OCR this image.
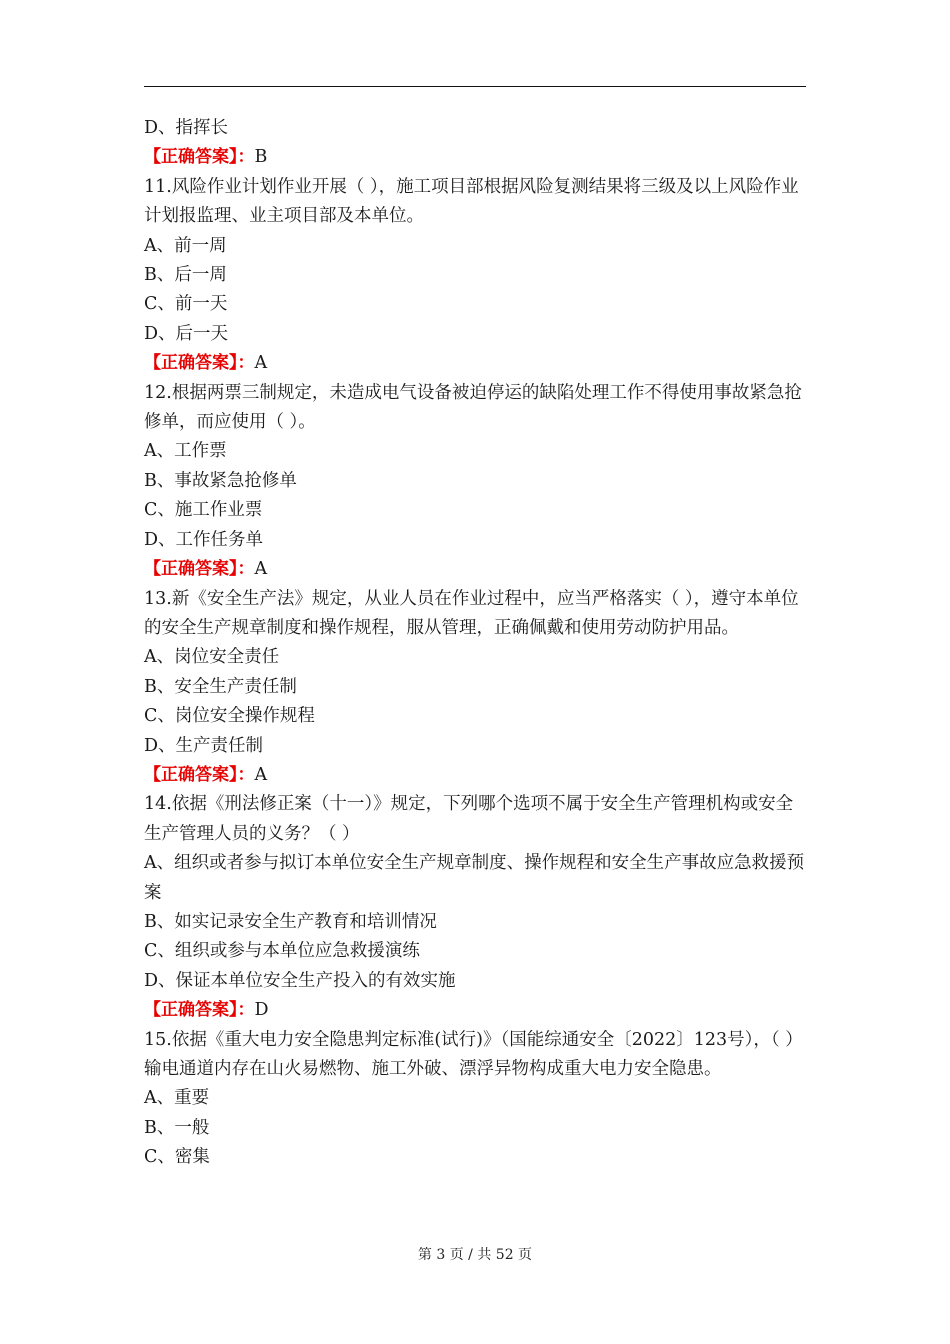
D、指挥长
【正确答案】：B
11.风险作业计划作业开展（ ），施工项目部根据风险复测结果将三级及以上风险作业计划报监理、业主项目部及本单位。
A、前一周
B、后一周
C、前一天
D、后一天
【正确答案】：A
12.根据两票三制规定，未造成电气设备被迫停运的缺陷处理工作不得使用事故紧急抢修单，而应使用（ ）。
A、工作票
B、事故紧急抢修单
C、施工作业票
D、工作任务单
【正确答案】：A
13.新《安全生产法》规定，从业人员在作业过程中，应当严格落实（ ），遵守本单位的安全生产规章制度和操作规程，服从管理，正确佩戴和使用劳动防护用品。
A、岗位安全责任
B、安全生产责任制
C、岗位安全操作规程
D、生产责任制
【正确答案】：A
14.依据《刑法修正案（十一）》规定，下列哪个选项不属于安全生产管理机构或安全生产管理人员的义务？（ ）
A、组织或者参与拟订本单位安全生产规章制度、操作规程和安全生产事故应急救援预案
B、如实记录安全生产教育和培训情况
C、组织或参与本单位应急救援演练
D、保证本单位安全生产投入的有效实施
【正确答案】：D
15.依据《重大电力安全隐患判定标准(试行)》（国能综通安全〔2022〕123号），（ ）输电通道内存在山火易燃物、施工外破、漂浮异物构成重大电力安全隐患。
A、重要
B、一般
C、密集
第 3 页 / 共 52 页
